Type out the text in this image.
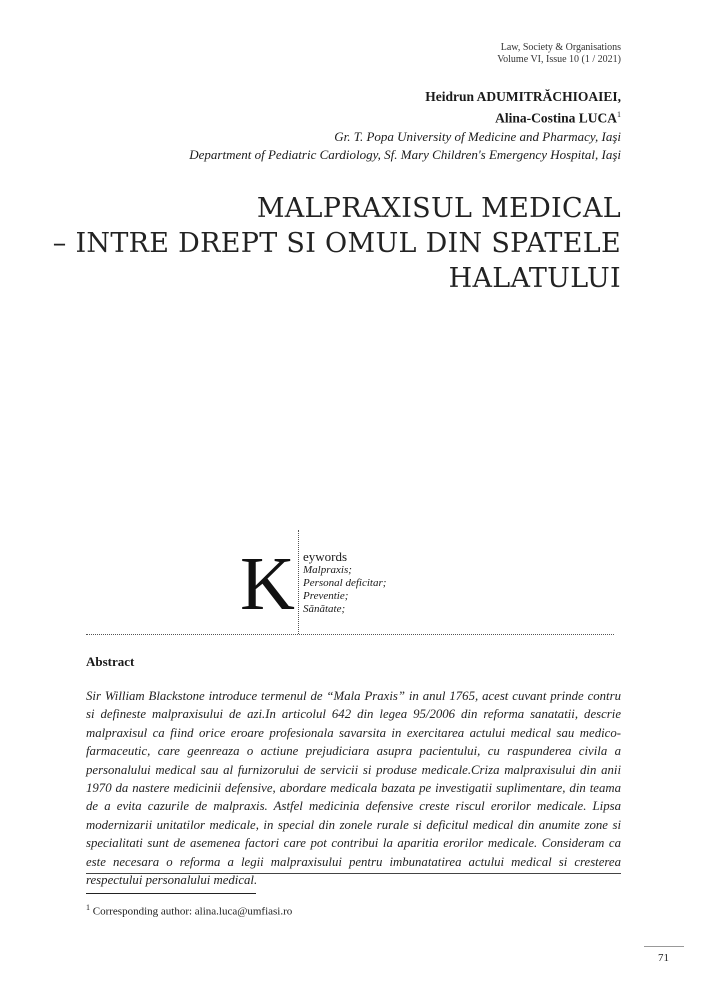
Law, Society & Organisations
Volume VI, Issue 10 (1 / 2021)
Heidrun ADUMITRĂCHIOAIEI,
Alina-Costina LUCA$^1$
Gr. T. Popa University of Medicine and Pharmacy, Iaşi
Department of Pediatric Cardiology, Sf. Mary Children's Emergency Hospital, Iaşi
MALPRAXISUL MEDICAL
– INTRE DREPT SI OMUL DIN SPATELE
HALATULUI
K eywords
Malpraxis;
Personal deficitar;
Preventie;
Sănătate;
Abstract
Sir William Blackstone introduce termenul de “Mala Praxis” in anul 1765, acest cuvant prinde contru si defineste malpraxisului de azi.In articolul 642 din legea 95/2006 din reforma sanatatii, descrie malpraxisul ca fiind orice eroare profesionala savarsita in exercitarea actului medical sau medico-farmaceutic, care geenreaza o actiune prejudiciara asupra pacientului, cu raspunderea civila a personalului medical sau al furnizorului de servicii si produse medicale.Criza malpraxisului din anii 1970 da nastere medicinii defensive, abordare medicala bazata pe investigatii suplimentare, din teama de a evita cazurile de malpraxis. Astfel medicinia defensive creste riscul erorilor medicale. Lipsa modernizarii unitatilor medicale, in special din zonele rurale si deficitul medical din anumite zone si specialitati sunt de asemenea factori care pot contribui la aparitia erorilor medicale. Consideram ca este necesara o reforma a legii malpraxisului pentru imbunatatirea actului medical si cresterea respectului personalului medical.
$^1$ Corresponding author: alina.luca@umfiasi.ro
71
